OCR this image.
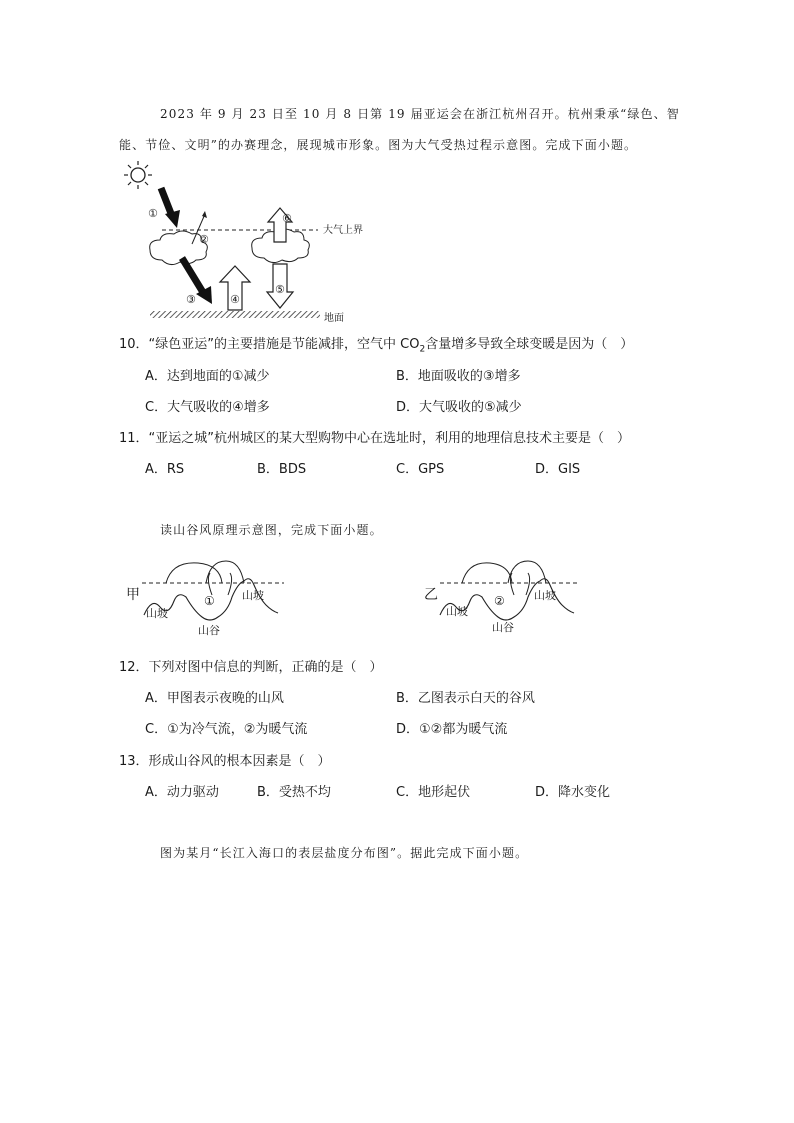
2023 年 9 月 23 日至 10 月 8 日第 19 届亚运会在浙江杭州召开。杭州秉承“绿色、智
能、节俭、文明”的办赛理念，展现城市形象。图为大气受热过程示意图。完成下面小题。
大气上界
①
②
③	④
⑥
⑤
地面
10．“绿色亚运”的主要措施是节能减排，空气中 $CO_2$含量增多导致全球变暖是因为（　）
A．达到地面的①减少	B．地面吸收的③增多
C．大气吸收的④增多	D．大气吸收的⑤减少
11．“亚运之城”杭州城区的某大型购物中心在选址时，利用的地理信息技术主要是（　）
A．RS	B．BDS	C．GPS	D．GIS
读山谷风原理示意图，完成下面小题。
甲	①
山坡
山坡
山谷
乙	②
山坡
山坡
山谷
12．下列对图中信息的判断，正确的是（　）
A．甲图表示夜晚的山风	B．乙图表示白天的谷风
C．①为冷气流，②为暖气流	D．①②都为暖气流
13．形成山谷风的根本因素是（　）
A．动力驱动	B．受热不均	C．地形起伏	D．降水变化
图为某月“长江入海口的表层盐度分布图”。据此完成下面小题。
